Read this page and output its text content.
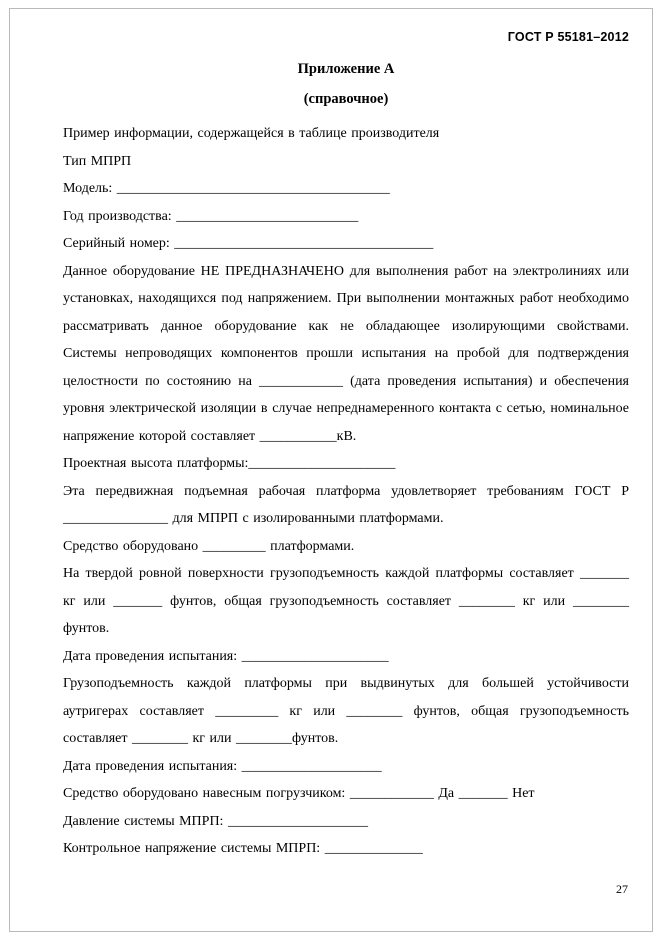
ГОСТ Р 55181–2012
Приложение А
(справочное)
Пример информации, содержащейся в таблице производителя
Тип МПРП
Модель: _______________________________________
Год производства: __________________________
Серийный номер: _____________________________________
Данное оборудование НЕ ПРЕДНАЗНАЧЕНО для выполнения работ на электролиниях или установках, находящихся под напряжением. При выполнении монтажных работ необходимо рассматривать данное оборудование как не обладающее изолирующими свойствами. Системы непроводящих компонентов прошли испытания на пробой для подтверждения целостности по состоянию на ____________ (дата проведения испытания) и обеспечения уровня электрической изоляции в случае непреднамеренного контакта с сетью, номинальное напряжение которой составляет ___________кВ.
Проектная высота платформы:_____________________
Эта передвижная подъемная рабочая платформа удовлетворяет требованиям ГОСТ Р _______________ для МПРП с изолированными платформами.
Средство оборудовано _________ платформами.
На твердой ровной поверхности грузоподъемность каждой платформы составляет _______ кг или _______ фунтов, общая грузоподъемность составляет ________ кг или ________ фунтов.
Дата проведения испытания: _____________________
Грузоподъемность каждой платформы при выдвинутых для большей устойчивости аутригерах составляет _________ кг или ________ фунтов, общая грузоподъемность составляет ________ кг или ________фунтов.
Дата проведения испытания: ____________________
Средство оборудовано навесным погрузчиком: ____________ Да _______ Нет
Давление системы МПРП: ____________________
Контрольное напряжение системы МПРП: ______________
27
